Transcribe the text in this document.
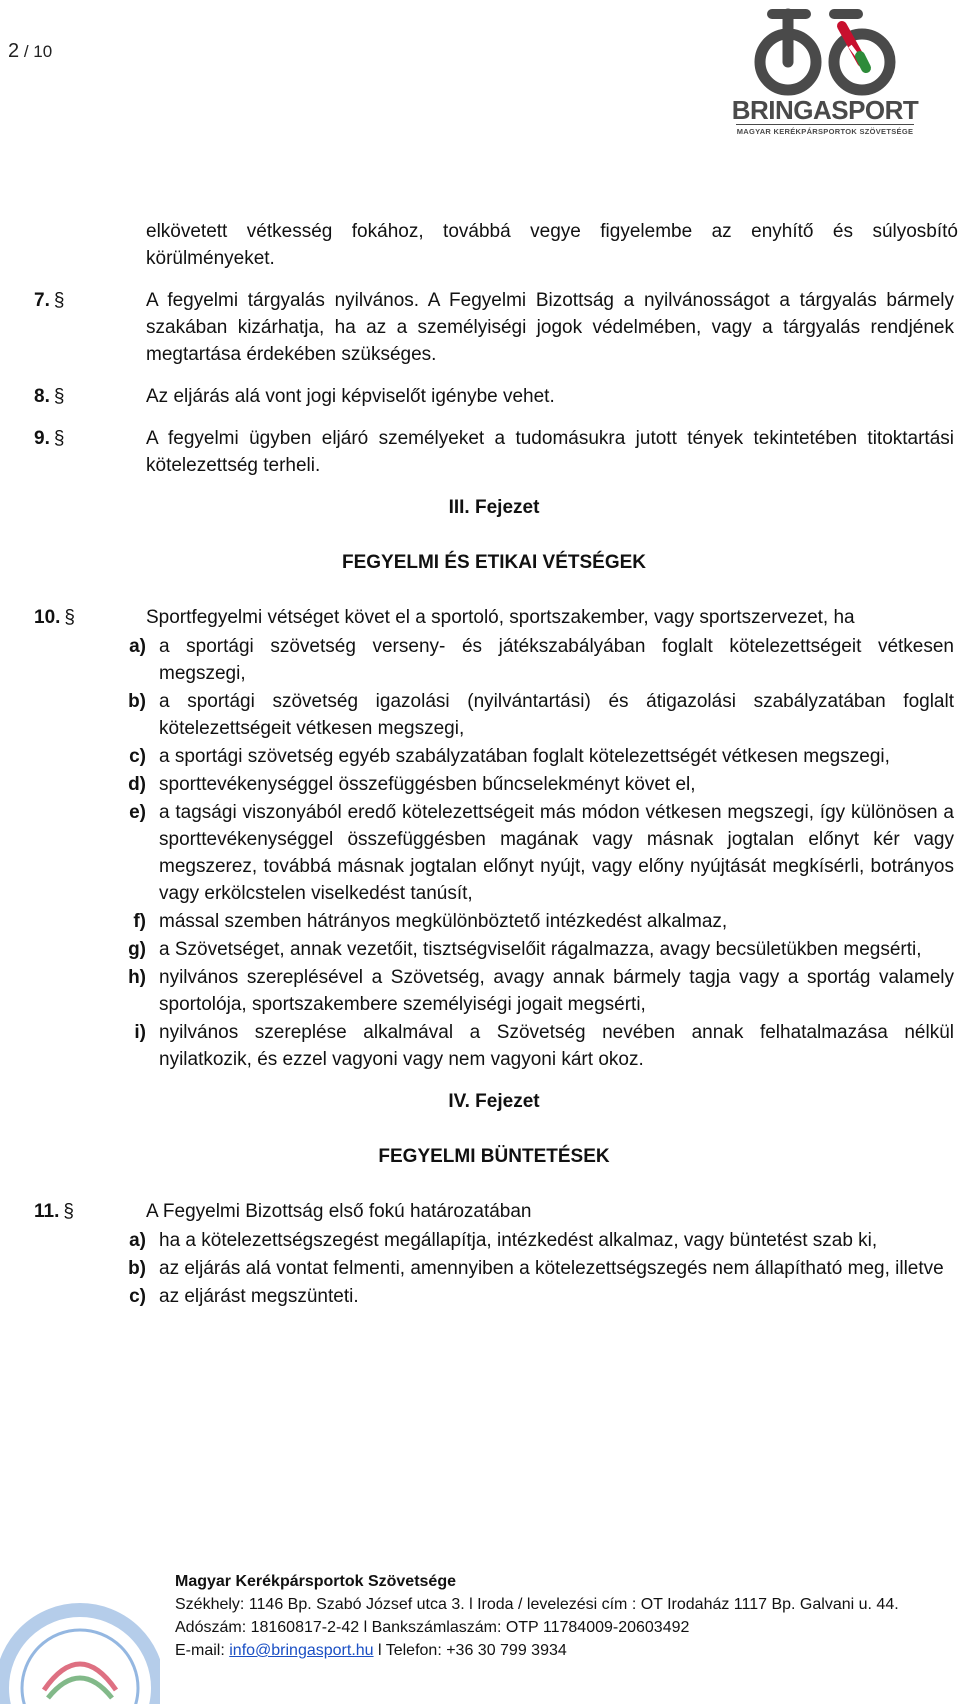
2 / 10
BRINGASPORT
MAGYAR KERÉKPÁRSPORTOK SZÖVETSÉGE
elkövetett vétkesség fokához, továbbá vegye figyelembe az enyhítő és súlyosbító körülményeket.
7. §	A fegyelmi tárgyalás nyilvános. A Fegyelmi Bizottság a nyilvánosságot a tárgyalás bármely szakában kizárhatja, ha az a személyiségi jogok védelmében, vagy a tárgyalás rendjének megtartása érdekében szükséges.
8. §	Az eljárás alá vont jogi képviselőt igénybe vehet.
9. §	A fegyelmi ügyben eljáró személyeket a tudomásukra jutott tények tekintetében titoktartási kötelezettség terheli.
III. Fejezet
FEGYELMI ÉS ETIKAI VÉTSÉGEK
10. §	Sportfegyelmi vétséget követ el a sportoló, sportszakember, vagy sportszervezet, ha
a) a sportági szövetség verseny- és játékszabályában foglalt kötelezettségeit vétkesen megszegi,
b) a sportági szövetség igazolási (nyilvántartási) és átigazolási szabályzatában foglalt kötelezettségeit vétkesen megszegi,
c) a sportági szövetség egyéb szabályzatában foglalt kötelezettségét vétkesen megszegi,
d) sporttevékenységgel összefüggésben bűncselekményt követ el,
e) a tagsági viszonyából eredő kötelezettségeit más módon vétkesen megszegi, így különösen a sporttevékenységgel összefüggésben magának vagy másnak jogtalan előnyt kér vagy megszerez, továbbá másnak jogtalan előnyt nyújt, vagy előny nyújtását megkísérli, botrányos vagy erkölcstelen viselkedést tanúsít,
f) mással szemben hátrányos megkülönböztető intézkedést alkalmaz,
g) a Szövetséget, annak vezetőit, tisztségviselőit rágalmazza, avagy becsületükben megsérti,
h) nyilvános szereplésével a Szövetség, avagy annak bármely tagja vagy a sportág valamely sportolója, sportszakembere személyiségi jogait megsérti,
i) nyilvános szereplése alkalmával a Szövetség nevében annak felhatalmazása nélkül nyilatkozik, és ezzel vagyoni vagy nem vagyoni kárt okoz.
IV. Fejezet
FEGYELMI BÜNTETÉSEK
11. §	A Fegyelmi Bizottság első fokú határozatában
a) ha a kötelezettségszegést megállapítja, intézkedést alkalmaz, vagy büntetést szab ki,
b) az eljárás alá vontat felmenti, amennyiben a kötelezettségszegés nem állapítható meg, illetve
c) az eljárást megszünteti.
Magyar Kerékpársportok Szövetsége
Székhely: 1146 Bp. Szabó József utca 3. l Iroda / levelezési cím : OT Irodaház 1117 Bp. Galvani u. 44.
Adószám: 18160817-2-42 l Bankszámlaszám: OTP 11784009-20603492
E-mail: info@bringasport.hu l Telefon: +36 30 799 3934
